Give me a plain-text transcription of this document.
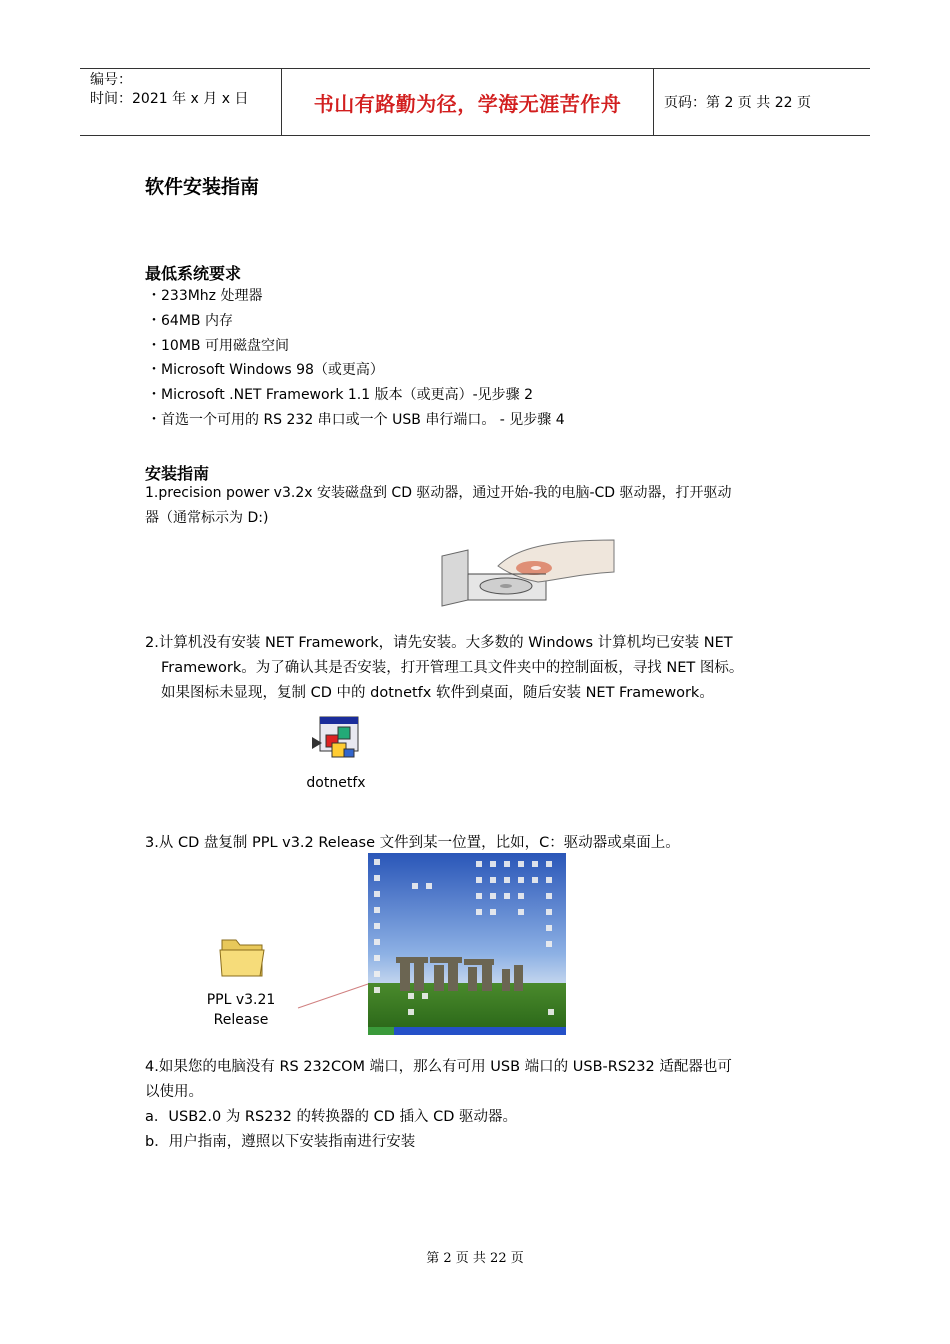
编号：
时间：2021 年 x 月 x 日	书山有路勤为径，学海无涯苦作舟	页码：第 2 页 共 22 页
软件安装指南
最低系统要求
・ 233Mhz 处理器
・ 64MB 内存
・ 10MB 可用磁盘空间
・ Microsoft Windows 98（或更高）
・ Microsoft .NET Framework 1.1 版本（或更高）-见步骤 2
・ 首选一个可用的 RS 232 串口或一个 USB 串行端口。 - 见步骤 4
安装指南
1.precision power v3.2x 安装磁盘到 CD 驱动器，通过开始-我的电脑-CD 驱动器，打开驱动
器（通常标示为 D:)
2.计算机没有安装 NET Framework，请先安装。大多数的 Windows 计算机均已安装 NET
Framework。为了确认其是否安装，打开管理工具文件夹中的控制面板，寻找 NET 图标。
如果图标未显现，复制 CD 中的 dotnetfx 软件到桌面，随后安装 NET Framework。
dotnetfx
3.从 CD 盘复制 PPL v3.2 Release 文件到某一位置，比如，C：驱动器或桌面上。
PPL v3.21
Release
4.如果您的电脑没有 RS 232COM 端口，那么有可用 USB 端口的 USB-RS232 适配器也可
以使用。
a．USB2.0 为 RS232 的转换器的 CD 插入 CD 驱动器。
b．用户指南，遵照以下安装指南进行安装
第 2 页 共 22 页
